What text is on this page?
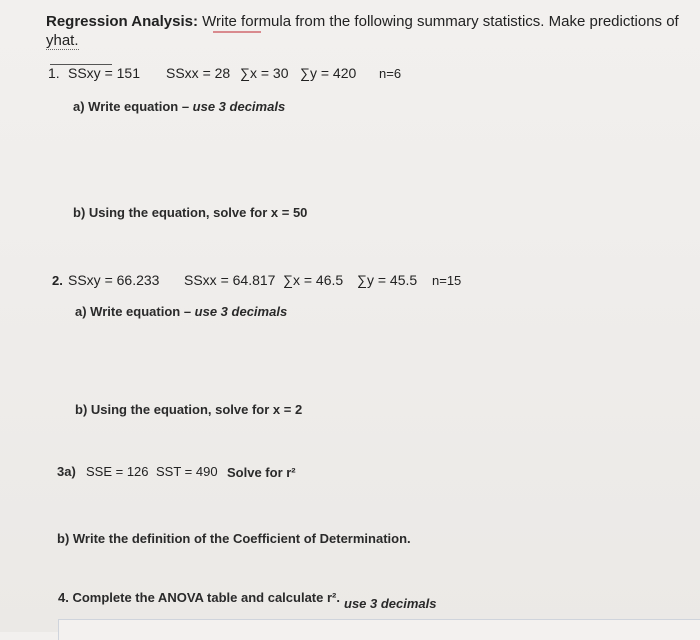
Regression Analysis: Write formula from the following summary statistics. Make predictions of
yhat.
1. SSxy = 151 SSxx = 28 ∑x = 30 ∑y = 420 n=6
a) Write equation – use 3 decimals
b) Using the equation, solve for x = 50
2. SSxy = 66.233 SSxx = 64.817 ∑x = 46.5 ∑y = 45.5 n=15
a) Write equation – use 3 decimals
b) Using the equation, solve for x = 2
3a) SSE = 126 SST = 490 Solve for r²
b) Write the definition of the Coefficient of Determination.
4. Complete the ANOVA table and calculate r². use 3 decimals
